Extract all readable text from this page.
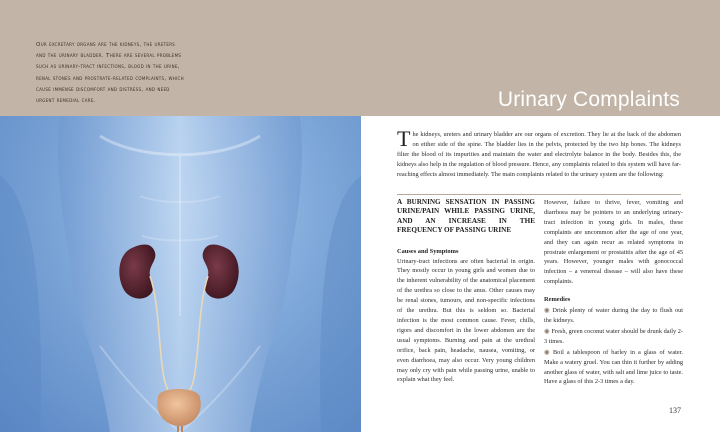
Our excretary organs are the kidneys, the ureters
and the urinary bladder. There are several problems
such as urinary-tract infections, blood in the urine,
renal stones and prostrate-related complaints, which
cause immense discomfort and distress, and need
urgent remedial care.	Urinary Complaints
The kidneys, ureters and urinary bladder are our organs of excretion. They lie at the back of the abdomen on either side of the spine. The bladder lies in the pelvis, protected by the two hip bones. The kidneys filter the blood of its impurities and maintain the water and electrolyte balance in the body. Besides this, the kidneys also help in the regulation of blood pressure. Hence, any complaints related to this system will have far-reaching effects almost immediately. The main complaints related to the urinary system are the following:
A BURNING SENSATION IN PASSING URINE/PAIN WHILE PASSING URINE, AND AN INCREASE IN THE FREQUENCY OF PASSING URINE
Causes and Symptoms
Urinary-tract infections are often bacterial in origin. They mostly occur in young girls and women due to the inherent vulnerability of the anatomical placement of the urethra so close to the anus. Other causes may be renal stones, tumours, and non-specific infections of the urethra. But this is seldom so. Bacterial infection is the most common cause. Fever, chills, rigors and discomfort in the lower abdomen are the usual symptoms. Burning and pain at the urethral orifice, back pain, headache, nausea, vomiting, or even diarrhoea, may also occur. Very young children may only cry with pain while passing urine, unable to explain what they feel.
However, failure to thrive, fever, vomiting and diarrhoea may be pointers to an underlying urinary-tract infection in young girls. In males, these complaints are uncommon after the age of one year, and they can again recur as related symptoms in prostrate enlargement or prostatitis after the age of 45 years. However, younger males with gonococcal infection – a venereal disease – will also have these complaints.
Remedies
◉ Drink plenty of water during the day to flush out the kidneys.
◉ Fresh, green coconut water should be drunk daily 2-3 times.
◉ Boil a tablespoon of barley in a glass of water. Make a watery gruel. You can thin it further by adding another glass of water, with salt and lime juice to taste. Have a glass of this 2-3 times a day.
137
